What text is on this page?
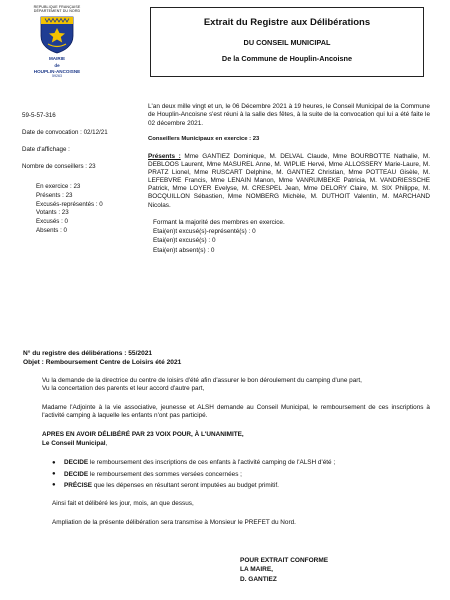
REPUBLIQUE FRANÇAISE
DÉPARTEMENT DU NORD
MAIRIE
de
HOUPLIN-ANCOISNE
59263
Extrait du Registre aux Délibérations
DU CONSEIL MUNICIPAL
De la Commune de Houplin-Ancoisne
59-5-57-316
Date de convocation : 02/12/21
Date d'affichage :
Nombre de conseillers : 23
En exercice : 23
Présents : 23
Excusés-représentés : 0
Votants : 23
Excusés : 0
Absents : 0

L'an deux mille vingt et un, le 06 Décembre 2021 à 19 heures, le Conseil Municipal de la Commune de Houplin-Ancoisne s'est réuni à la salle des fêtes, à la suite de la convocation qui lui a été faite le 02 décembre 2021.

Conseillers Municipaux en exercice : 23

Présents : Mme GANTIEZ Dominique, M. DELVAL Claude, Mme BOURBOTTE Nathalie, M. DEBLOOS Laurent, Mme MASUREL Anne, M. WIPLIE Hervé, Mme ALLOSSERY Marie-Laure, M. PRATZ Lionel, Mme RUSCART Delphine, M. GANTIEZ Christian, Mme POTTEAU Gisèle, M. LEFEBVRE Francis, Mme LENAIN Manon, Mme VANRUMBEKE Patricia, M. VANDRIESSCHE Patrick, Mme LOYER Evelyse, M. CRESPEL Jean, Mme DELORY Claire, M. SIX Philippe, M. BOCQUILLON Sébastien, Mme NOMBERG Michèle, M. DUTHOIT Valentin, M. MARCHAND Nicolas.

Formant la majorité des membres en exercice.
Etai(en)t excusé(s)-représenté(s) : 0
Etai(en)t excusé(s) : 0
Etai(en)t absent(s) : 0
N° du registre des délibérations : 55/2021
Objet : Remboursement Centre de Loisirs été 2021

Vu la demande de la directrice du centre de loisirs d'été afin d'assurer le bon déroulement du camping d'une part,

Vu la concertation des parents et leur accord d'autre part,

Madame l'Adjointe à la vie associative, jeunesse et ALSH demande au Conseil Municipal, le remboursement de ces inscriptions à l'activité camping à laquelle les enfants n'ont pas participé.

APRES EN AVOIR DÉLIBÉRÉ PAR 23 VOIX POUR, À L'UNANIMITE,
Le Conseil Municipal,
● DECIDE le remboursement des inscriptions de ces enfants à l'activité camping de l'ALSH d'été ;
● DECIDE le remboursement des sommes versées concernées ;
● PRÉCISE que les dépenses en résultant seront imputées au budget primitif.

Ainsi fait et délibéré les jour, mois, an que dessus,

Ampliation de la présente délibération sera transmise à Monsieur le PREFET du Nord.

POUR EXTRAIT CONFORME
LA MAIRE,
D. GANTIEZ
